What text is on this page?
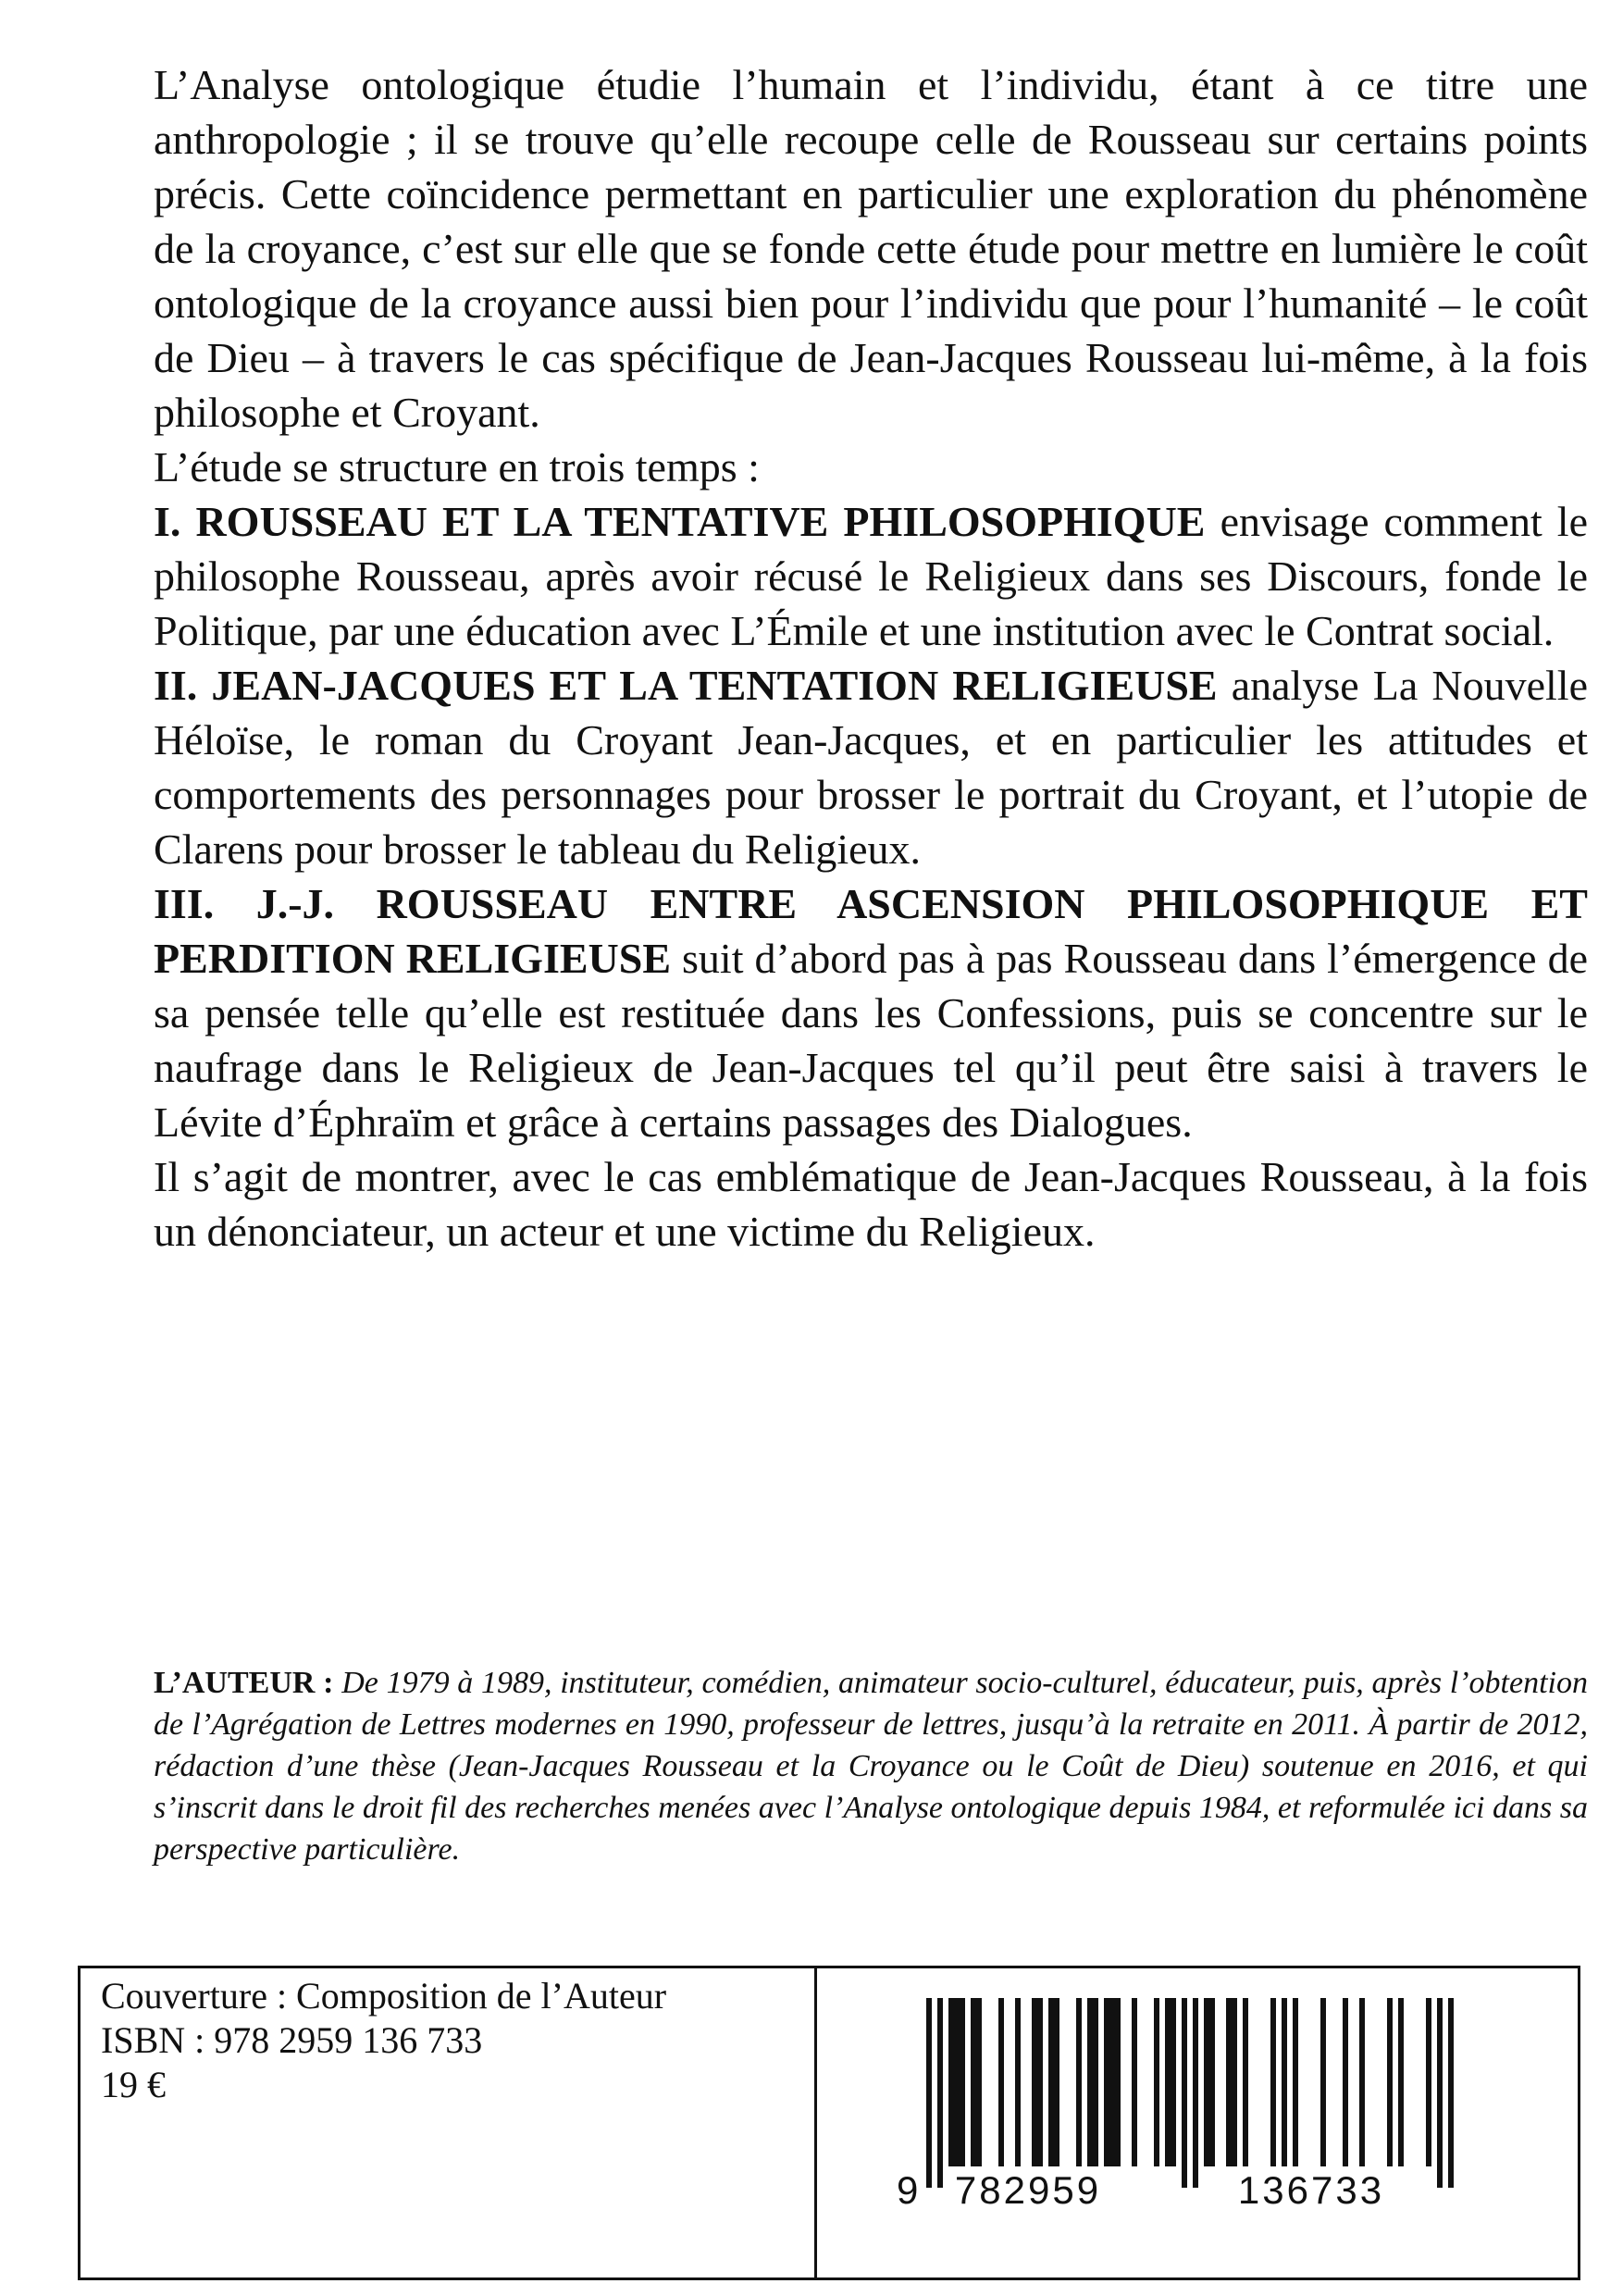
L’Analyse ontologique étudie l’humain et l’individu, étant à ce titre une anthropologie ; il se trouve qu’elle recoupe celle de Rousseau sur certains points précis. Cette coïncidence permettant en particulier une exploration du phénomène de la croyance, c’est sur elle que se fonde cette étude pour mettre en lumière le coût ontologique de la croyance aussi bien pour l’individu que pour l’humanité – le coût de Dieu – à travers le cas spécifique de Jean-Jacques Rousseau lui-même, à la fois philosophe et Croyant.

L’étude se structure en trois temps :

I. ROUSSEAU ET LA TENTATIVE PHILOSOPHIQUE envisage comment le philosophe Rousseau, après avoir récusé le Religieux dans ses Discours, fonde le Politique, par une éducation avec L’Émile et une institution avec le Contrat social.

II. JEAN-JACQUES ET LA TENTATION RELIGIEUSE analyse La Nouvelle Héloïse, le roman du Croyant Jean-Jacques, et en particulier les attitudes et comportements des personnages pour brosser le portrait du Croyant, et l’utopie de Clarens pour brosser le tableau du Religieux.

III. J.-J. ROUSSEAU ENTRE ASCENSION PHILOSOPHIQUE ET PERDITION RELIGIEUSE suit d’abord pas à pas Rousseau dans l’émergence de sa pensée telle qu’elle est restituée dans les Confessions, puis se concentre sur le naufrage dans le Religieux de Jean-Jacques tel qu’il peut être saisi à travers le Lévite d’Éphraïm et grâce à certains passages des Dialogues.

Il s’agit de montrer, avec le cas emblématique de Jean-Jacques Rousseau, à la fois un dénonciateur, un acteur et une victime du Religieux.

L’AUTEUR : De 1979 à 1989, instituteur, comédien, animateur socio-culturel, éducateur, puis, après l’obtention de l’Agrégation de Lettres modernes en 1990, professeur de lettres, jusqu’à la retraite en 2011. À partir de 2012, rédaction d’une thèse (Jean-Jacques Rousseau et la Croyance ou le Coût de Dieu) soutenue en 2016, et qui s’inscrit dans le droit fil des recherches menées avec l’Analyse ontologique depuis 1984, et reformulée ici dans sa perspective particulière.

Couverture : Composition de l’Auteur
ISBN : 978 2959 136 733
19 €
9 782959	136733
